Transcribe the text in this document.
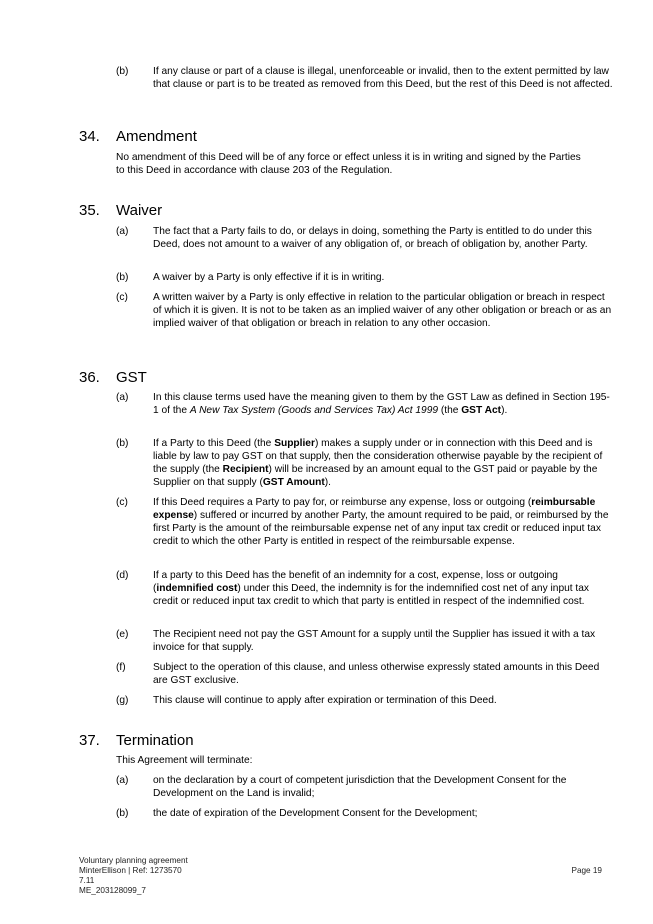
(b) If any clause or part of a clause is illegal, unenforceable or invalid, then to the extent permitted by law that clause or part is to be treated as removed from this Deed, but the rest of this Deed is not affected.
34. Amendment
No amendment of this Deed will be of any force or effect unless it is in writing and signed by the Parties to this Deed in accordance with clause 203 of the Regulation.
35. Waiver
(a) The fact that a Party fails to do, or delays in doing, something the Party is entitled to do under this Deed, does not amount to a waiver of any obligation of, or breach of obligation by, another Party.
(b) A waiver by a Party is only effective if it is in writing.
(c) A written waiver by a Party is only effective in relation to the particular obligation or breach in respect of which it is given. It is not to be taken as an implied waiver of any other obligation or breach or as an implied waiver of that obligation or breach in relation to any other occasion.
36. GST
(a) In this clause terms used have the meaning given to them by the GST Law as defined in Section 195-1 of the A New Tax System (Goods and Services Tax) Act 1999 (the GST Act).
(b) If a Party to this Deed (the Supplier) makes a supply under or in connection with this Deed and is liable by law to pay GST on that supply, then the consideration otherwise payable by the recipient of the supply (the Recipient) will be increased by an amount equal to the GST paid or payable by the Supplier on that supply (GST Amount).
(c) If this Deed requires a Party to pay for, or reimburse any expense, loss or outgoing (reimbursable expense) suffered or incurred by another Party, the amount required to be paid, or reimbursed by the first Party is the amount of the reimbursable expense net of any input tax credit or reduced input tax credit to which the other Party is entitled in respect of the reimbursable expense.
(d) If a party to this Deed has the benefit of an indemnity for a cost, expense, loss or outgoing (indemnified cost) under this Deed, the indemnity is for the indemnified cost net of any input tax credit or reduced input tax credit to which that party is entitled in respect of the indemnified cost.
(e) The Recipient need not pay the GST Amount for a supply until the Supplier has issued it with a tax invoice for that supply.
(f)	Subject to the operation of this clause, and unless otherwise expressly stated amounts in this Deed are GST exclusive.
(g) This clause will continue to apply after expiration or termination of this Deed.
37. Termination
This Agreement will terminate:
(a) on the declaration by a court of competent jurisdiction that the Development Consent for the Development on the Land is invalid;
(b) the date of expiration of the Development Consent for the Development;
Voluntary planning agreement
MinterEllison | Ref: 1273570
7.11
ME_203128099_7
Page 19
